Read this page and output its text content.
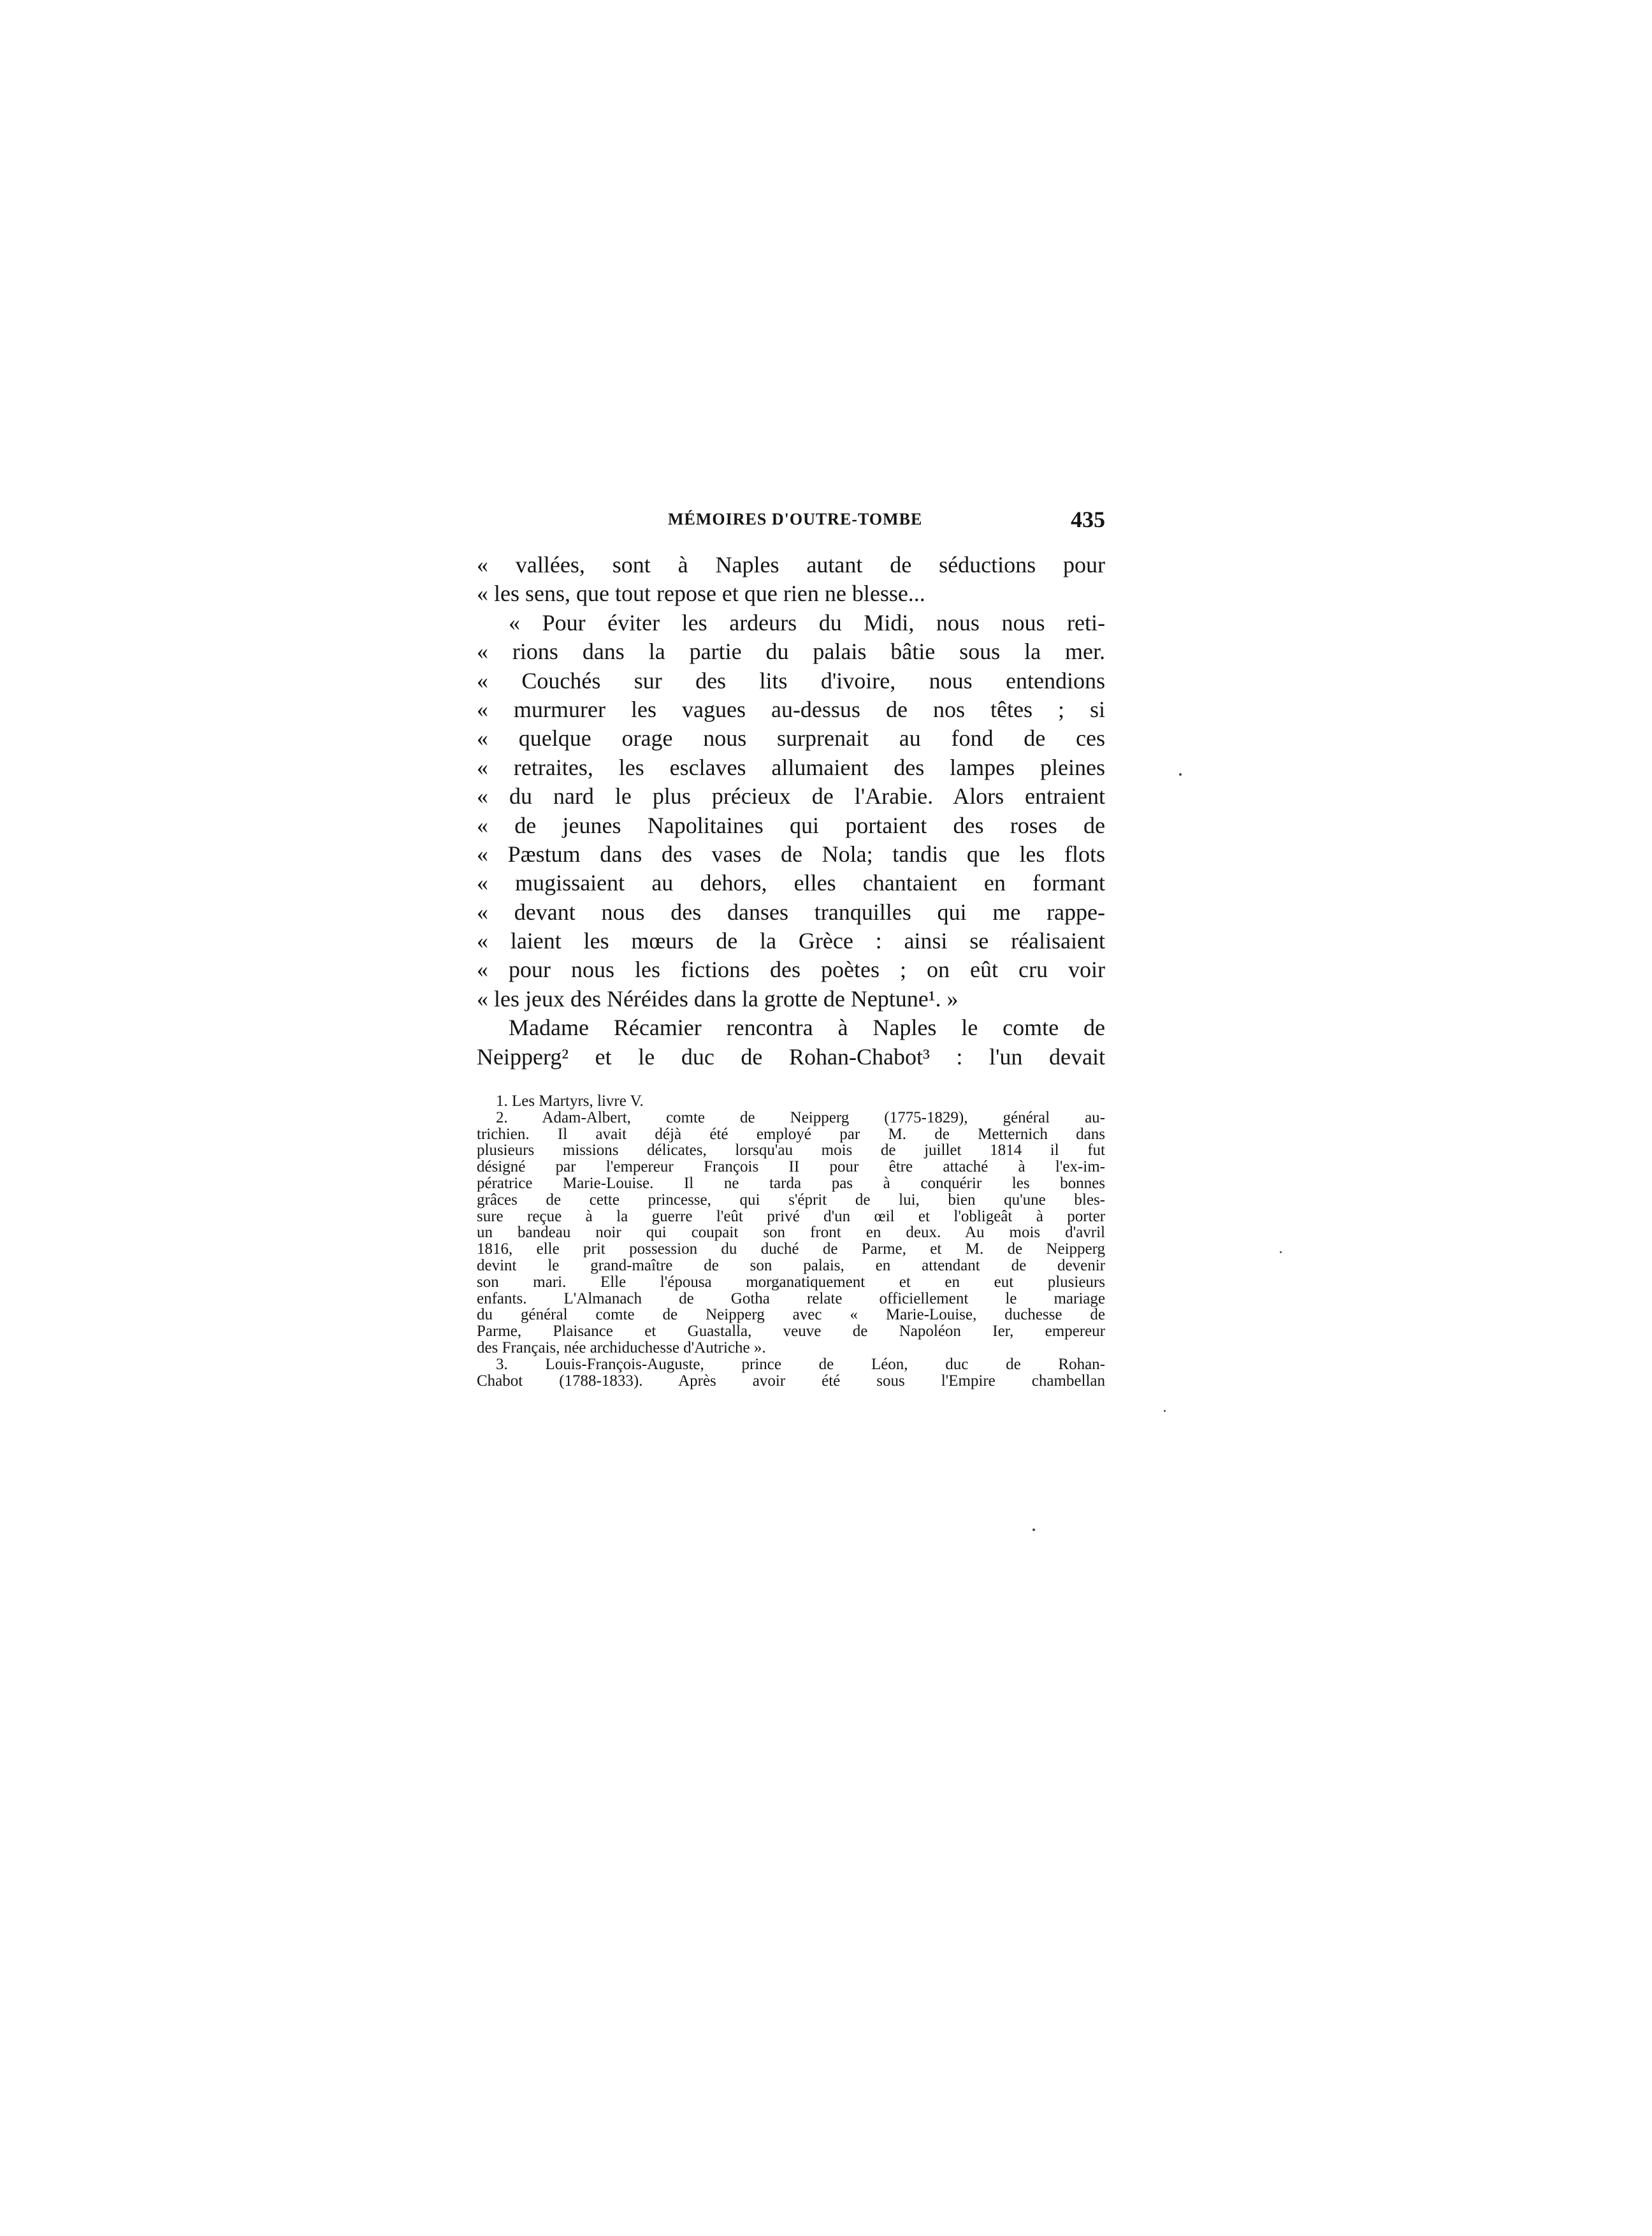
MÉMOIRES D'OUTRE-TOMBE	435
« vallées, sont à Naples autant de séductions pour
« les sens, que tout repose et que rien ne blesse...
« Pour éviter les ardeurs du Midi, nous nous reti-
« rions dans la partie du palais bâtie sous la mer.
« Couchés sur des lits d'ivoire, nous entendions
« murmurer les vagues au-dessus de nos têtes ; si
« quelque orage nous surprenait au fond de ces
« retraites, les esclaves allumaient des lampes pleines
« du nard le plus précieux de l'Arabie. Alors entraient
« de jeunes Napolitaines qui portaient des roses de
« Pæstum dans des vases de Nola; tandis que les flots
« mugissaient au dehors, elles chantaient en formant
« devant nous des danses tranquilles qui me rappe-
« laient les mœurs de la Grèce : ainsi se réalisaient
« pour nous les fictions des poètes ; on eût cru voir
« les jeux des Néréides dans la grotte de Neptune¹. »
Madame Récamier rencontra à Naples le comte de
Neipperg² et le duc de Rohan-Chabot³ : l'un devait
1. Les Martyrs, livre V.
2. Adam-Albert, comte de Neipperg (1775-1829), général au-
trichien. Il avait déjà été employé par M. de Metternich dans
plusieurs missions délicates, lorsqu'au mois de juillet 1814 il fut
désigné par l'empereur François II pour être attaché à l'ex-im-
pératrice Marie-Louise. Il ne tarda pas à conquérir les bonnes
grâces de cette princesse, qui s'éprit de lui, bien qu'une bles-
sure reçue à la guerre l'eût privé d'un œil et l'obligeât à porter
un bandeau noir qui coupait son front en deux. Au mois d'avril
1816, elle prit possession du duché de Parme, et M. de Neipperg
devint le grand-maître de son palais, en attendant de devenir
son mari. Elle l'épousa morganatiquement et en eut plusieurs
enfants. L'Almanach de Gotha relate officiellement le mariage
du général comte de Neipperg avec « Marie-Louise, duchesse de
Parme, Plaisance et Guastalla, veuve de Napoléon Ier, empereur
des Français, née archiduchesse d'Autriche ».
3. Louis-François-Auguste, prince de Léon, duc de Rohan-
Chabot (1788-1833). Après avoir été sous l'Empire chambellan
